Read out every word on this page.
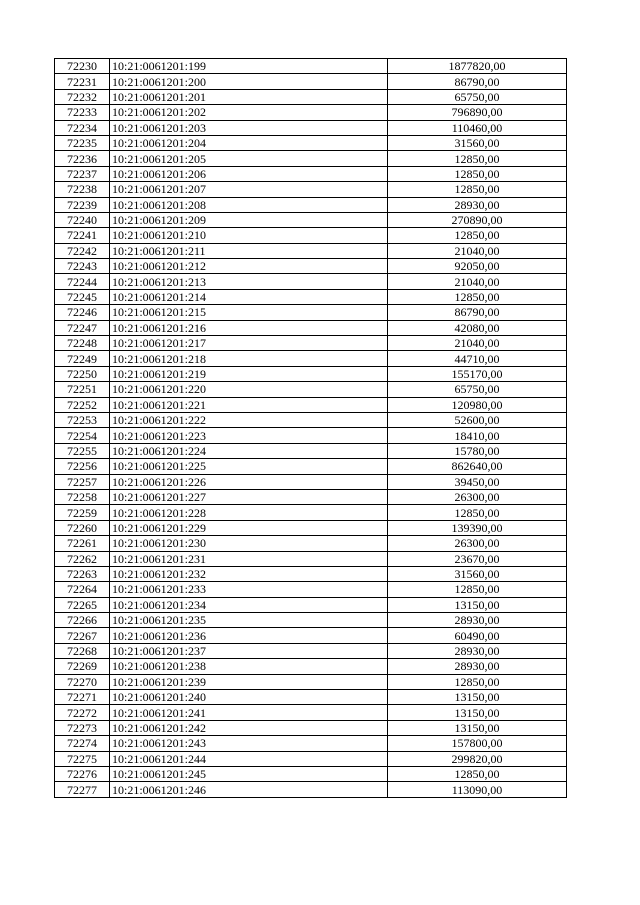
72230	10:21:0061201:199	1877820,00
72231	10:21:0061201:200	86790,00
72232	10:21:0061201:201	65750,00
72233	10:21:0061201:202	796890,00
72234	10:21:0061201:203	110460,00
72235	10:21:0061201:204	31560,00
72236	10:21:0061201:205	12850,00
72237	10:21:0061201:206	12850,00
72238	10:21:0061201:207	12850,00
72239	10:21:0061201:208	28930,00
72240	10:21:0061201:209	270890,00
72241	10:21:0061201:210	12850,00
72242	10:21:0061201:211	21040,00
72243	10:21:0061201:212	92050,00
72244	10:21:0061201:213	21040,00
72245	10:21:0061201:214	12850,00
72246	10:21:0061201:215	86790,00
72247	10:21:0061201:216	42080,00
72248	10:21:0061201:217	21040,00
72249	10:21:0061201:218	44710,00
72250	10:21:0061201:219	155170,00
72251	10:21:0061201:220	65750,00
72252	10:21:0061201:221	120980,00
72253	10:21:0061201:222	52600,00
72254	10:21:0061201:223	18410,00
72255	10:21:0061201:224	15780,00
72256	10:21:0061201:225	862640,00
72257	10:21:0061201:226	39450,00
72258	10:21:0061201:227	26300,00
72259	10:21:0061201:228	12850,00
72260	10:21:0061201:229	139390,00
72261	10:21:0061201:230	26300,00
72262	10:21:0061201:231	23670,00
72263	10:21:0061201:232	31560,00
72264	10:21:0061201:233	12850,00
72265	10:21:0061201:234	13150,00
72266	10:21:0061201:235	28930,00
72267	10:21:0061201:236	60490,00
72268	10:21:0061201:237	28930,00
72269	10:21:0061201:238	28930,00
72270	10:21:0061201:239	12850,00
72271	10:21:0061201:240	13150,00
72272	10:21:0061201:241	13150,00
72273	10:21:0061201:242	13150,00
72274	10:21:0061201:243	157800,00
72275	10:21:0061201:244	299820,00
72276	10:21:0061201:245	12850,00
72277	10:21:0061201:246	113090,00
